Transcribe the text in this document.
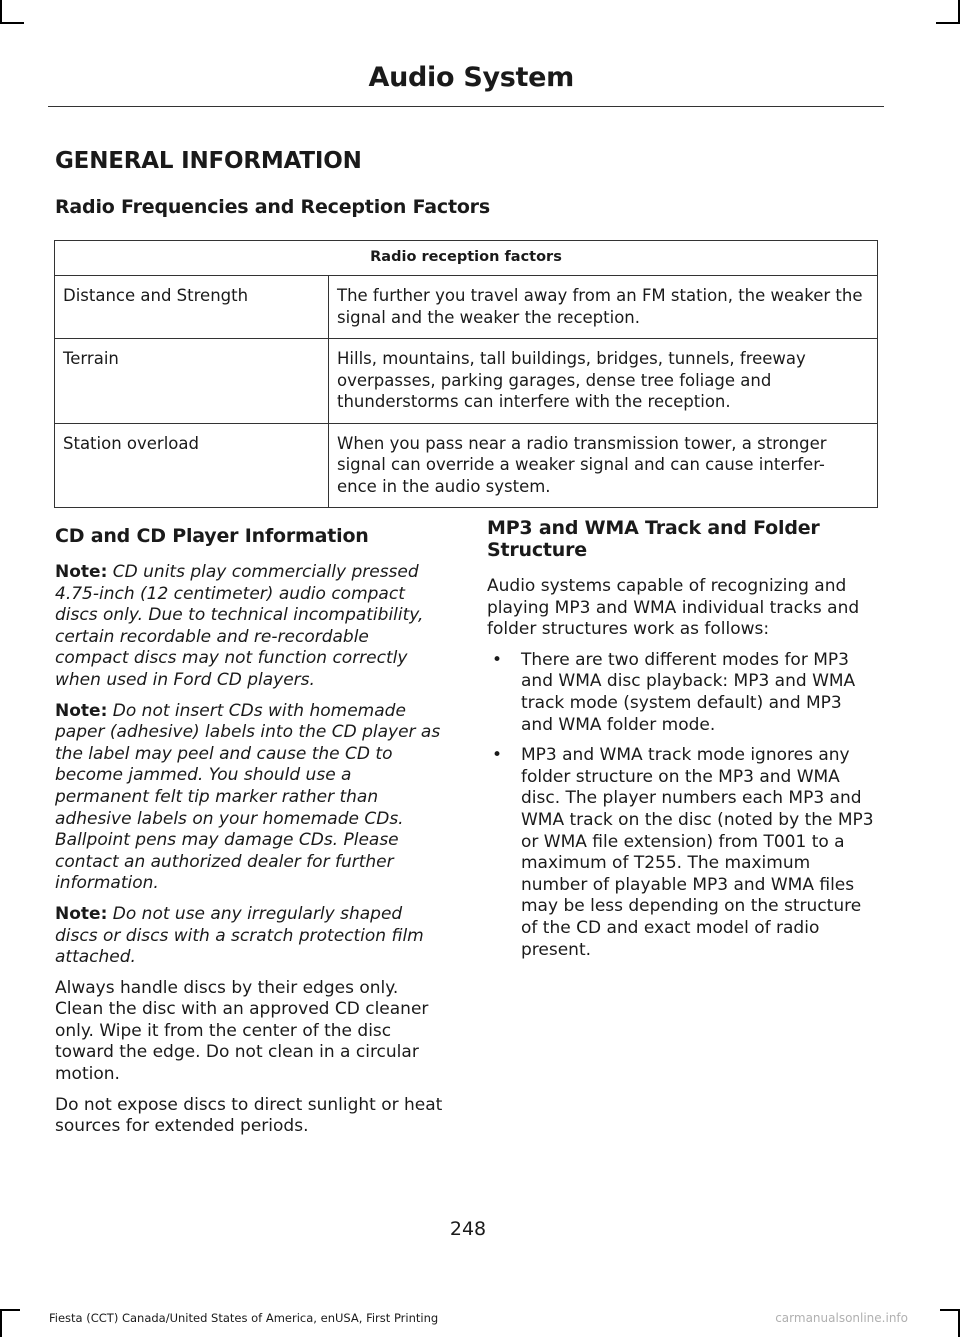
Audio System
GENERAL INFORMATION
Radio Frequencies and Reception Factors
Radio reception factors	
Distance and Strength	The further you travel away from an FM station, the weaker the signal and the weaker the reception.
Terrain	Hills, mountains, tall buildings, bridges, tunnels, freeway overpasses, parking garages, dense tree foliage and thunderstorms can interfere with the reception.
Station overload	When you pass near a radio transmission tower, a stronger signal can override a weaker signal and can cause interfer- ence in the audio system.
CD and CD Player Information

Note: CD units play commercially pressed 4.75-inch (12 centimeter) audio compact discs only. Due to technical incompatibility, certain recordable and re-recordable compact discs may not function correctly when used in Ford CD players.

Note: Do not insert CDs with homemade paper (adhesive) labels into the CD player as the label may peel and cause the CD to become jammed. You should use a permanent felt tip marker rather than adhesive labels on your homemade CDs. Ballpoint pens may damage CDs. Please contact an authorized dealer for further information.

Note: Do not use any irregularly shaped discs or discs with a scratch protection film attached.

Always handle discs by their edges only. Clean the disc with an approved CD cleaner only. Wipe it from the center of the disc toward the edge. Do not clean in a circular motion.

Do not expose discs to direct sunlight or heat sources for extended periods.

MP3 and WMA Track and Folder Structure

Audio systems capable of recognizing and playing MP3 and WMA individual tracks and folder structures work as follows:

• There are two different modes for MP3 and WMA disc playback: MP3 and WMA track mode (system default) and MP3 and WMA folder mode.
• MP3 and WMA track mode ignores any folder structure on the MP3 and WMA disc. The player numbers each MP3 and WMA track on the disc (noted by the MP3 or WMA file extension) from T001 to a maximum of T255. The maximum number of playable MP3 and WMA files may be less depending on the structure of the CD and exact model of radio present.
248
Fiesta (CCT) Canada/United States of America, enUSA, First Printing	carmanualsonline.info
